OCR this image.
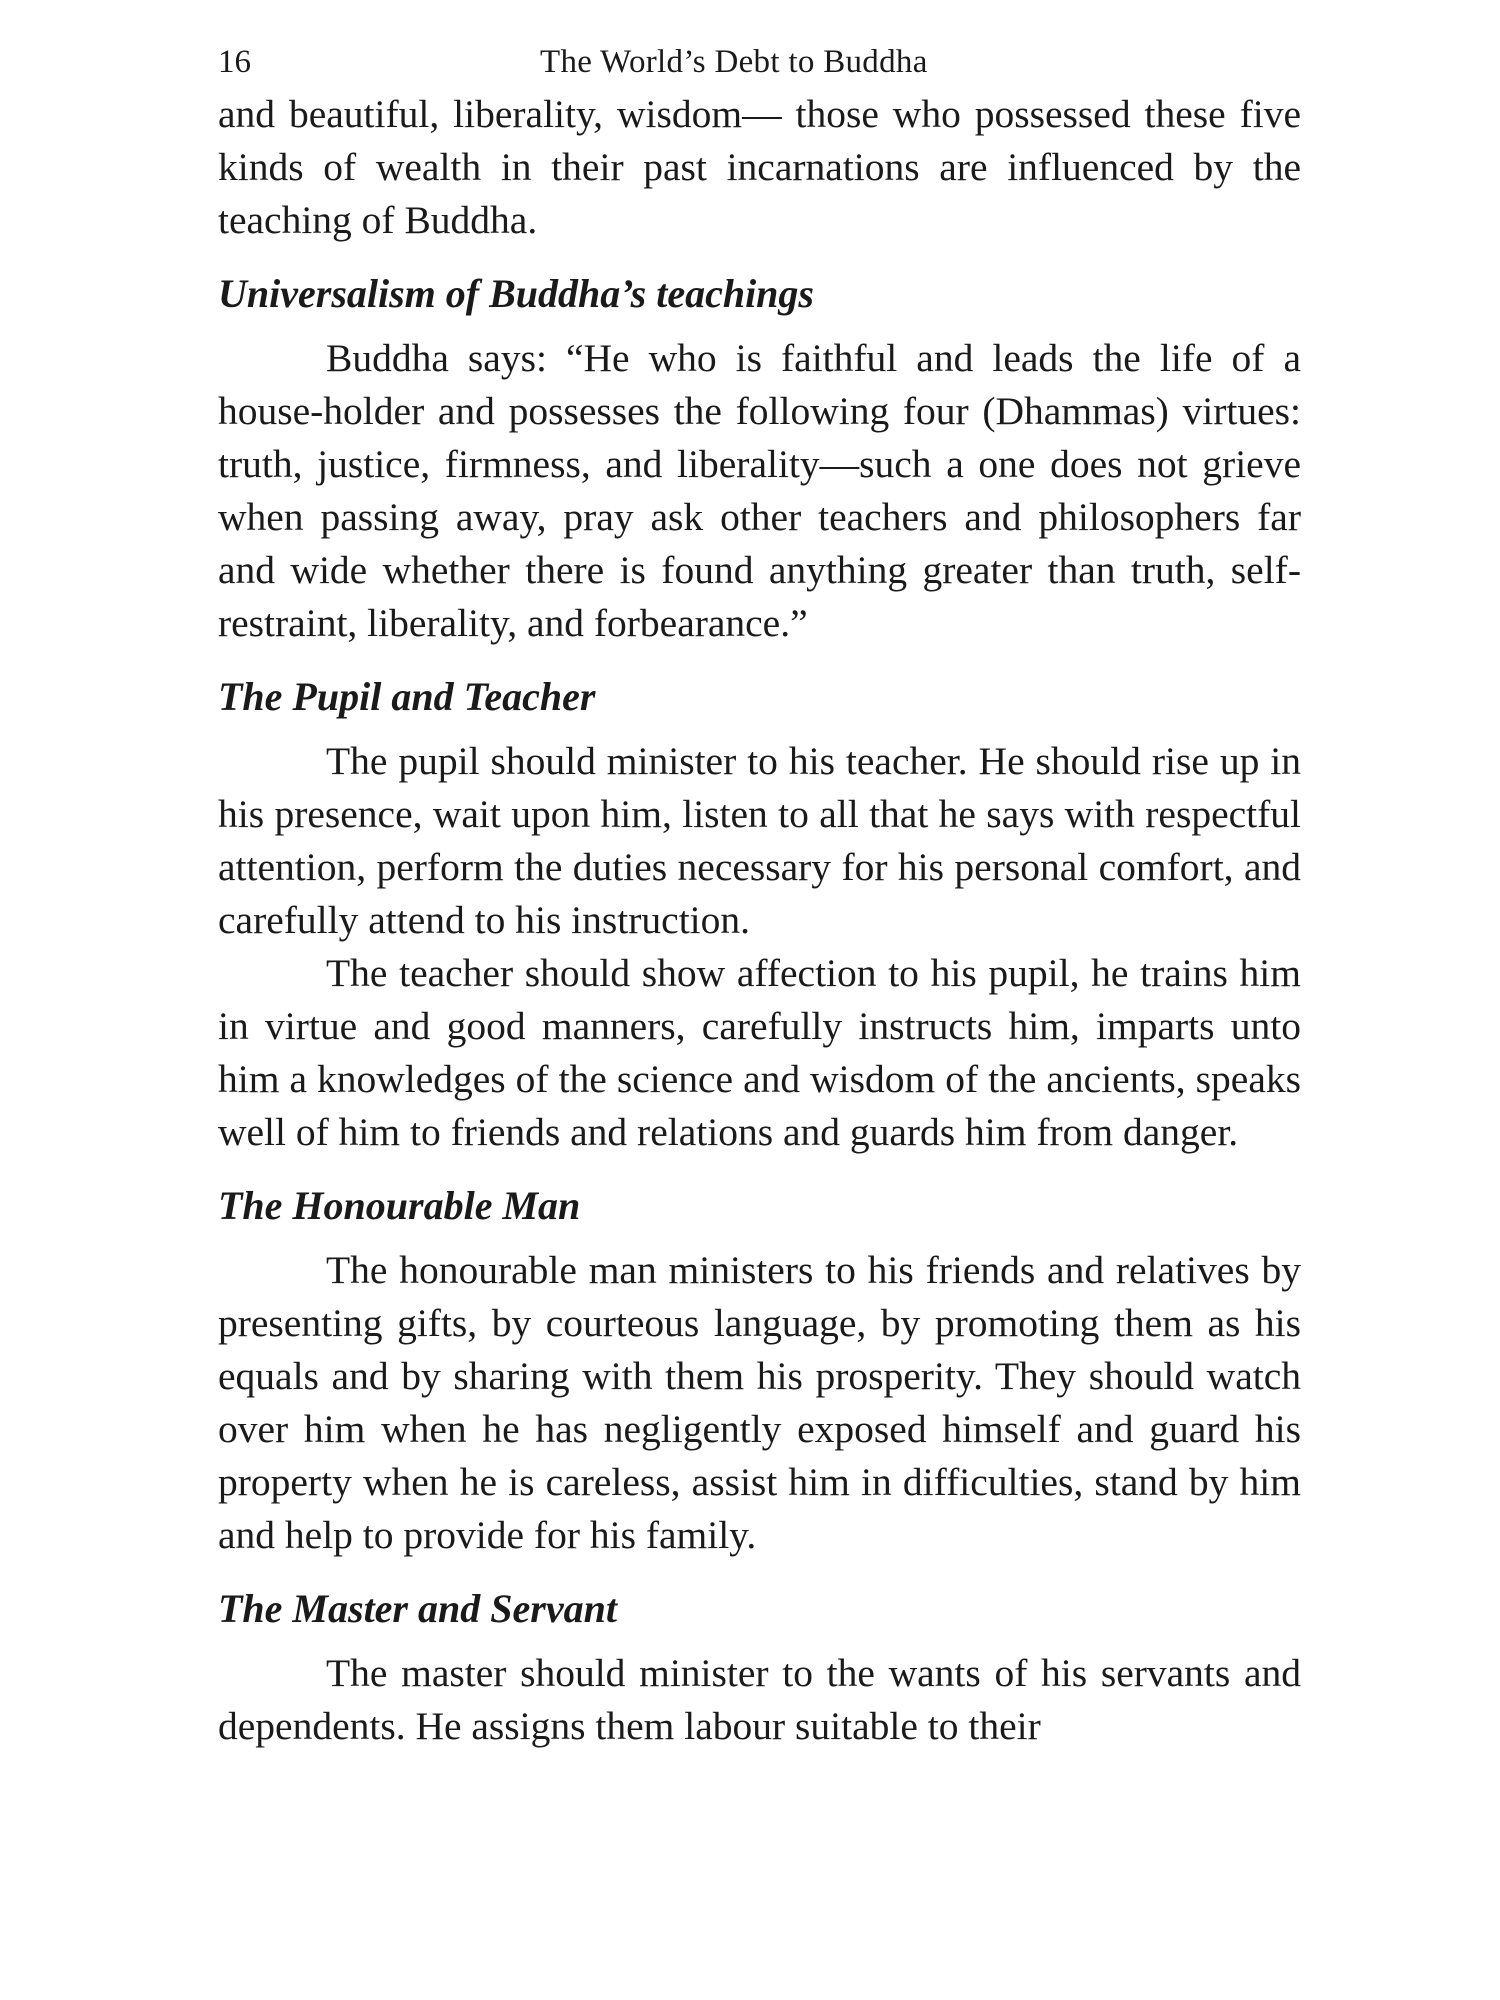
16	The World’s Debt to Buddha

and beautiful, liberality, wisdom— those who possessed these five kinds of wealth in their past incarnations are influenced by the teaching of Buddha.

Universalism of Buddha’s teachings

Buddha says: “He who is faithful and leads the life of a house-holder and possesses the following four (Dhammas) virtues: truth, justice, firmness, and liberality—such a one does not grieve when passing away, pray ask other teachers and philosophers far and wide whether there is found anything greater than truth, self-restraint, liberality, and forbearance.”

The Pupil and Teacher

The pupil should minister to his teacher. He should rise up in his presence, wait upon him, listen to all that he says with respectful attention, perform the duties necessary for his personal comfort, and carefully attend to his instruction.

The teacher should show affection to his pupil, he trains him in virtue and good manners, carefully instructs him, imparts unto him a knowledges of the science and wisdom of the ancients, speaks well of him to friends and relations and guards him from danger.

The Honourable Man

The honourable man ministers to his friends and relatives by presenting gifts, by courteous language, by promoting them as his equals and by sharing with them his prosperity. They should watch over him when he has negligently exposed himself and guard his property when he is careless, assist him in difficulties, stand by him and help to provide for his family.

The Master and Servant

The master should minister to the wants of his servants and dependents. He assigns them labour suitable to their
